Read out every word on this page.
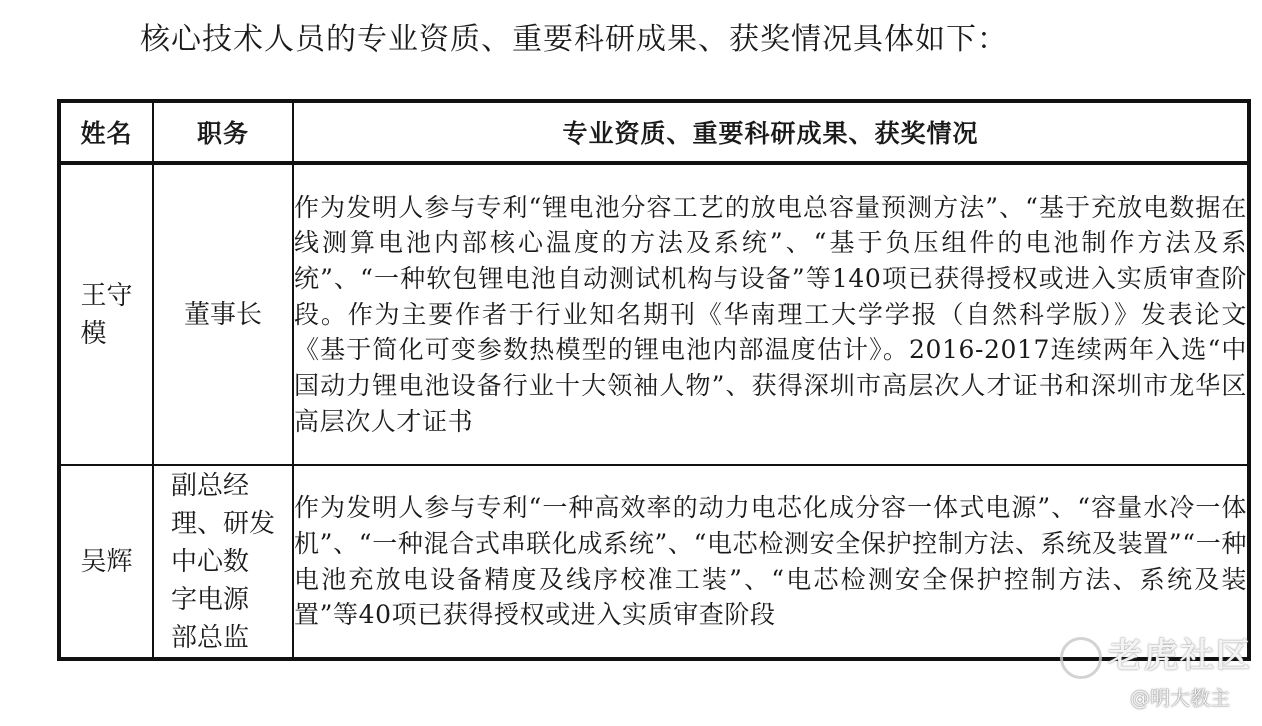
核心技术人员的专业资质、重要科研成果、获奖情况具体如下：
姓名	职务	专业资质、重要科研成果、获奖情况
王守
模	董事长	作为发明人参与专利“锂电池分容工艺的放电总容量预测方法”、“基于充放电数据在线测算电池内部核心温度的方法及系统”、“基于负压组件的电池制作方法及系统”、“一种软包锂电池自动测试机构与设备”等140项已获得授权或进入实质审查阶段。作为主要作者于行业知名期刊《华南理工大学学报（自然科学版）》发表论文《基于简化可变参数热模型的锂电池内部温度估计》。2016-2017连续两年入选“中国动力锂电池设备行业十大领袖人物”、获得深圳市高层次人才证书和深圳市龙华区高层次人才证书
吴辉	副总经
理、研发
中心数
字电源
部总监	作为发明人参与专利“一种高效率的动力电芯化成分容一体式电源”、“容量水冷一体机”、“一种混合式串联化成系统”、“电芯检测安全保护控制方法、系统及装置”“一种电池充放电设备精度及线序校准工装”、“电芯检测安全保护控制方法、系统及装置”等40项已获得授权或进入实质审查阶段
老虎社区
@明大教主
